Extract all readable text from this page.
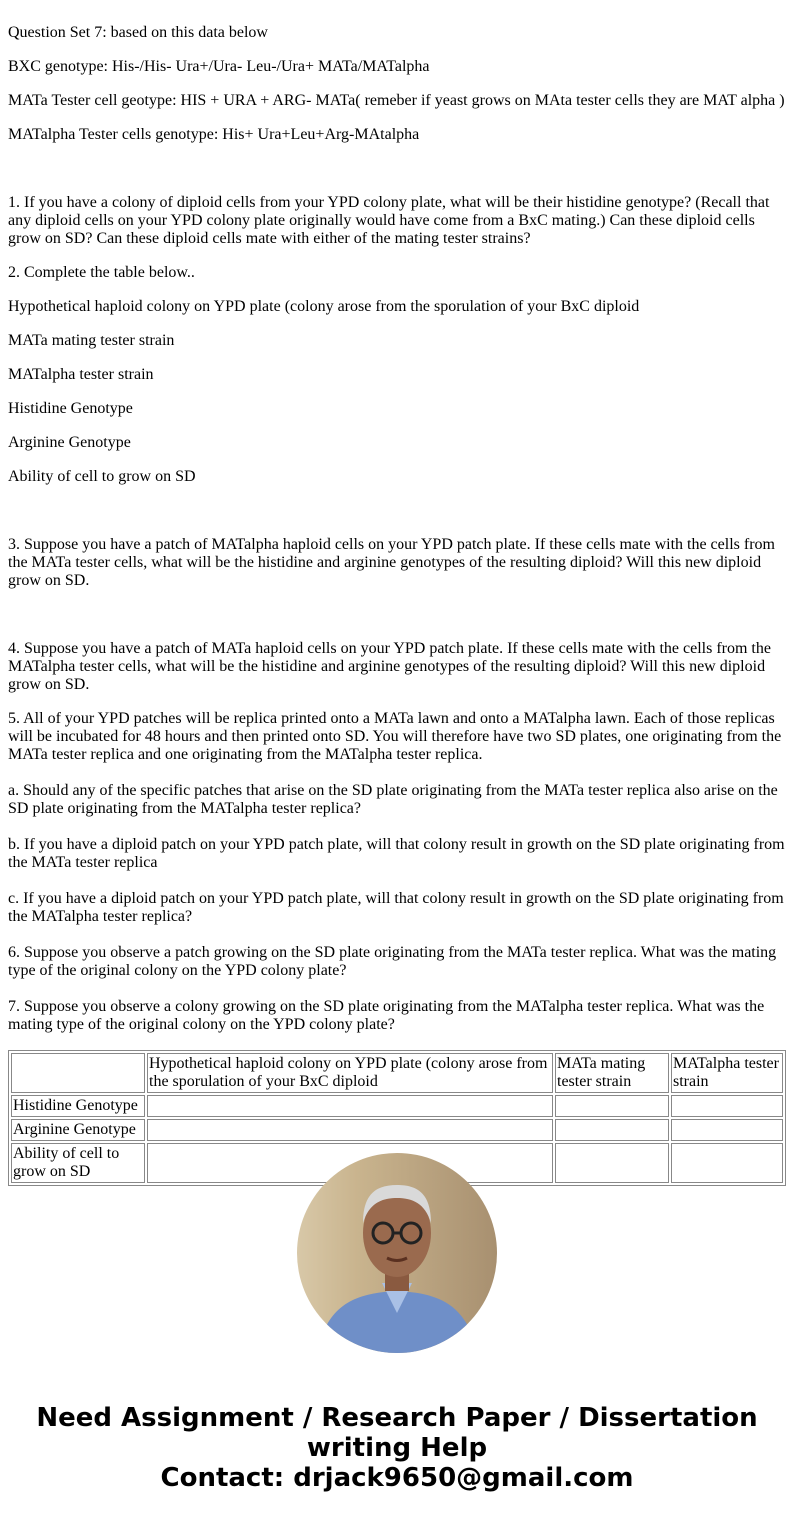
Question Set 7: based on this data below

BXC genotype: His-/His- Ura+/Ura- Leu-/Ura+ MATa/MATalpha

MATa Tester cell geotype: HIS + URA + ARG- MATa( remeber if yeast grows on MAta tester cells they are MAT alpha )

MATalpha Tester cells genotype: His+ Ura+Leu+Arg-MAtalpha

1. If you have a colony of diploid cells from your YPD colony plate, what will be their histidine genotype? (Recall that any diploid cells on your YPD colony plate originally would have come from a BxC mating.) Can these diploid cells grow on SD? Can these diploid cells mate with either of the mating tester strains?

2. Complete the table below..

Hypothetical haploid colony on YPD plate (colony arose from the sporulation of your BxC diploid

MATa mating tester strain

MATalpha tester strain

Histidine Genotype

Arginine Genotype

Ability of cell to grow on SD

3. Suppose you have a patch of MATalpha haploid cells on your YPD patch plate. If these cells mate with the cells from the MATa tester cells, what will be the histidine and arginine genotypes of the resulting diploid? Will this new diploid grow on SD.

4. Suppose you have a patch of MATa haploid cells on your YPD patch plate. If these cells mate with the cells from the MATalpha tester cells, what will be the histidine and arginine genotypes of the resulting diploid? Will this new diploid grow on SD.

5. All of your YPD patches will be replica printed onto a MATa lawn and onto a MATalpha lawn. Each of those replicas will be incubated for 48 hours and then printed onto SD. You will therefore have two SD plates, one originating from the MATa tester replica and one originating from the MATalpha tester replica.

a. Should any of the specific patches that arise on the SD plate originating from the MATa tester replica also arise on the SD plate originating from the MATalpha tester replica?

b. If you have a diploid patch on your YPD patch plate, will that colony result in growth on the SD plate originating from the MATa tester replica

c. If you have a diploid patch on your YPD patch plate, will that colony result in growth on the SD plate originating from the MATalpha tester replica?

6. Suppose you observe a patch growing on the SD plate originating from the MATa tester replica. What was the mating type of the original colony on the YPD colony plate?

7. Suppose you observe a colony growing on the SD plate originating from the MATalpha tester replica. What was the mating type of the original colony on the YPD colony plate?

	Hypothetical haploid colony on YPD plate (colony arose from the sporulation of your BxC diploid	MATa mating tester strain	MATalpha tester strain
Histidine Genotype			
Arginine Genotype			
Ability of cell to grow on SD			
Need Assignment / Research Paper / Dissertation writing Help
Contact: drjack9650@gmail.com
